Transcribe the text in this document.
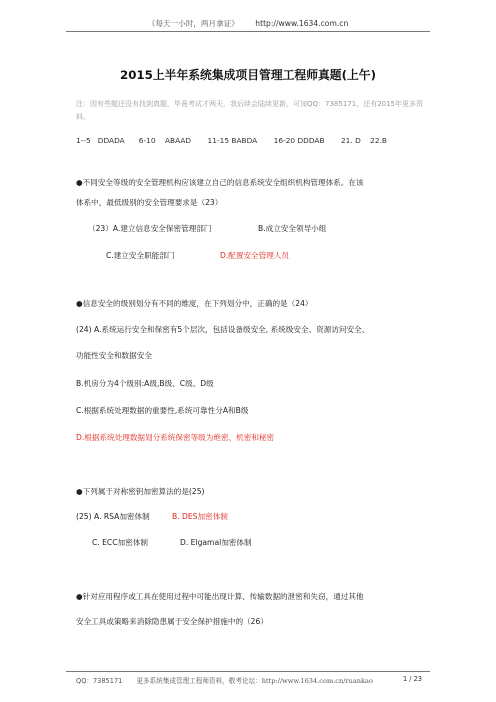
《每天一小时，两月拿证》 http://www.1634.com.cn
2015上半年系统集成项目管理工程师真题(上午)
注：因有些题还没有找到真题，毕竟考试才两天，我后续会陆续更新，可加QQ：7385171，还有2015年更多资料。
1--5   DDADA      6-10    ABAAD       11-15 BABDA       16-20 DDDAB       21. D    22.B
●不同安全等级的安全管理机构应该建立自己的信息系统安全组织机构管理体系。在该
体系中，最低级别的安全管理要求是（23）
（23）A.建立信息安全保密管理部门	B.成立安全领导小组
C.建立安全职能部门	D.配置安全管理人员
●信息安全的级别划分有不同的维度，在下列划分中，正确的是（24）
(24) A.系统运行安全和保密有5个层次，包括设备级安全, 系统级安全、资源访问安全、
功能性安全和数据安全
B.机房分为4个级别:A级,B级、C级、D级
C.根据系统处理数据的重要性,系统可靠性分A和B级
D.根据系统处理数据划分系统保密等级为绝密、机密和秘密
●下列属于对称密钥加密算法的是(25)
(25) A. RSA加密体制	B. DES加密体制
C. ECC加密体制	D. Elgamal加密体制
●针对应用程序或工具在使用过程中可能出现计算、传输数据的泄密和失窃，通过其他
安全工具或策略来消除隐患属于安全保护措施中的（26）
QQ：7385171 更多系统集成管理工程师资料，敬考论坛：http://www.1634.com.cn/ruankao	1 / 23
